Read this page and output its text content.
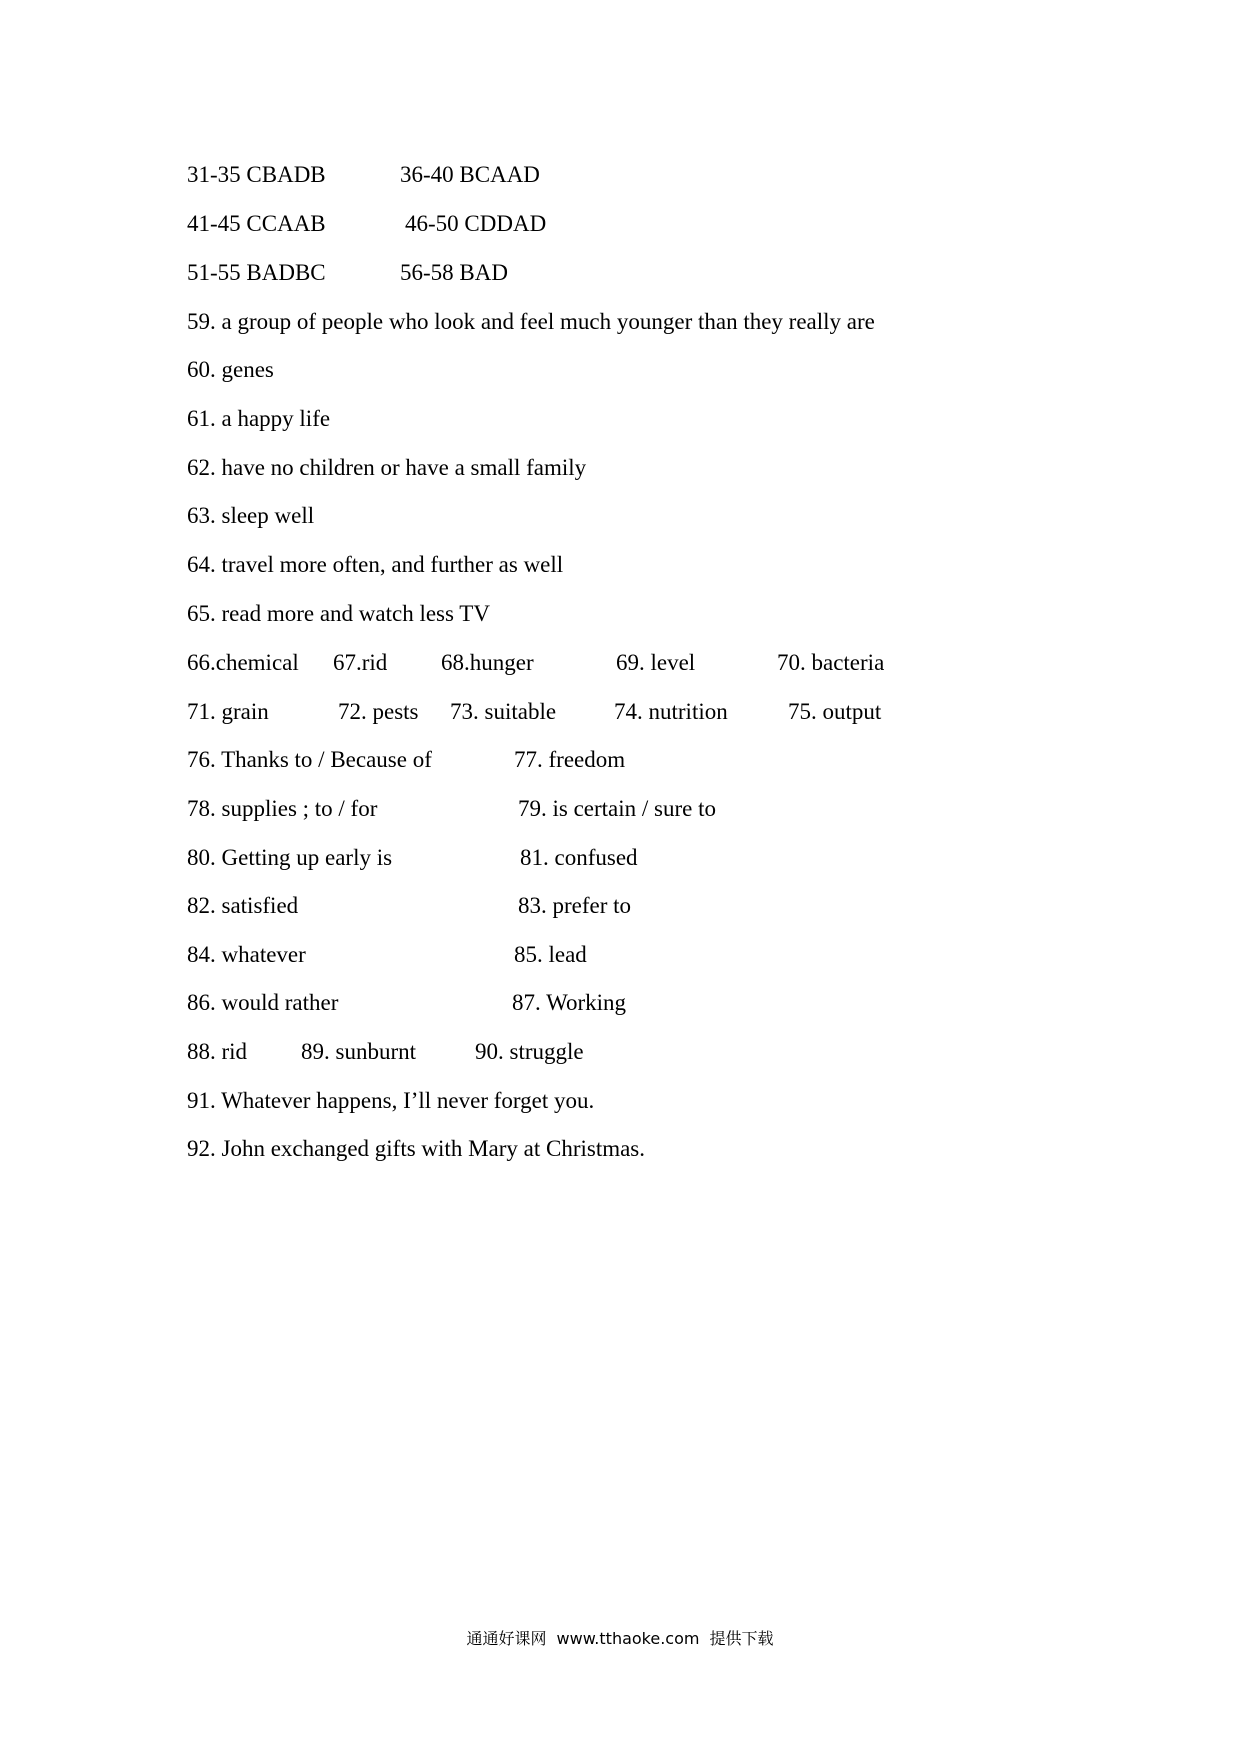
31-35 CBADB	36-40 BCAAD
41-45 CCAAB	46-50 CDDAD
51-55 BADBC	56-58 BAD
59. a group of people who look and feel much younger than they really are
60. genes
61. a happy life
62. have no children or have a small family
63. sleep well
64. travel more often, and further as well
65. read more and watch less TV
66.chemical 67.rid 68.hunger	69. level	70. bacteria
71. grain	72. pests 73. suitable	74. nutrition	75. output
76. Thanks to / Because of	77. freedom
78. supplies ; to / for	79. is certain / sure to
80. Getting up early is	81. confused
82. satisfied	83. prefer to
84. whatever	85. lead
86. would rather	87. Working
88. rid 89. sunburnt	90. struggle
91. Whatever happens, I’ll never forget you.
92. John exchanged gifts with Mary at Christmas.
通通好课网 www.tthaoke.com 提供下载
